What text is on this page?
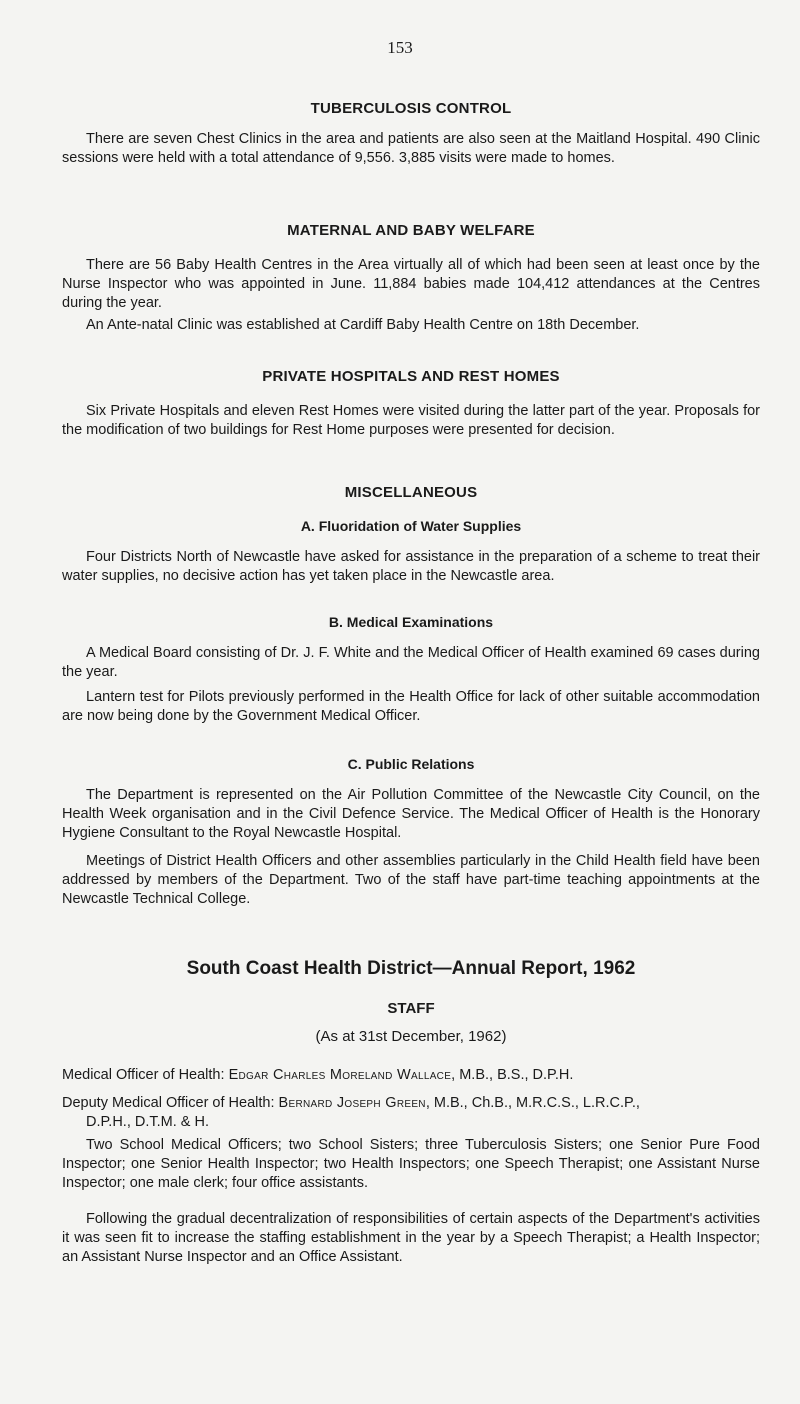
153
TUBERCULOSIS CONTROL

There are seven Chest Clinics in the area and patients are also seen at the Maitland Hospital. 490 Clinic sessions were held with a total attendance of 9,556. 3,885 visits were made to homes.

MATERNAL AND BABY WELFARE

There are 56 Baby Health Centres in the Area virtually all of which had been seen at least once by the Nurse Inspector who was appointed in June. 11,884 babies made 104,412 attendances at the Centres during the year.

An Ante-natal Clinic was established at Cardiff Baby Health Centre on 18th December.

PRIVATE HOSPITALS AND REST HOMES

Six Private Hospitals and eleven Rest Homes were visited during the latter part of the year. Proposals for the modification of two buildings for Rest Home purposes were presented for decision.

MISCELLANEOUS
A. Fluoridation of Water Supplies

Four Districts North of Newcastle have asked for assistance in the preparation of a scheme to treat their water supplies, no decisive action has yet taken place in the Newcastle area.

B. Medical Examinations

A Medical Board consisting of Dr. J. F. White and the Medical Officer of Health examined 69 cases during the year.

Lantern test for Pilots previously performed in the Health Office for lack of other suitable accommodation are now being done by the Government Medical Officer.

C. Public Relations

The Department is represented on the Air Pollution Committee of the Newcastle City Council, on the Health Week organisation and in the Civil Defence Service. The Medical Officer of Health is the Honorary Hygiene Consultant to the Royal Newcastle Hospital.

Meetings of District Health Officers and other assemblies particularly in the Child Health field have been addressed by members of the Department. Two of the staff have part-time teaching appointments at the Newcastle Technical College.

South Coast Health District—Annual Report, 1962
STAFF
(As at 31st December, 1962)
Medical Officer of Health: Edgar Charles Moreland Wallace, M.B., B.S., D.P.H.
Deputy Medical Officer of Health: Bernard Joseph Green, M.B., Ch.B., M.R.C.S., L.R.C.P.,
D.P.H., D.T.M. & H.

Two School Medical Officers; two School Sisters; three Tuberculosis Sisters; one Senior Pure Food Inspector; one Senior Health Inspector; two Health Inspectors; one Speech Therapist; one Assistant Nurse Inspector; one male clerk; four office assistants.

Following the gradual decentralization of responsibilities of certain aspects of the Department's activities it was seen fit to increase the staffing establishment in the year by a Speech Therapist; a Health Inspector; an Assistant Nurse Inspector and an Office Assistant.
